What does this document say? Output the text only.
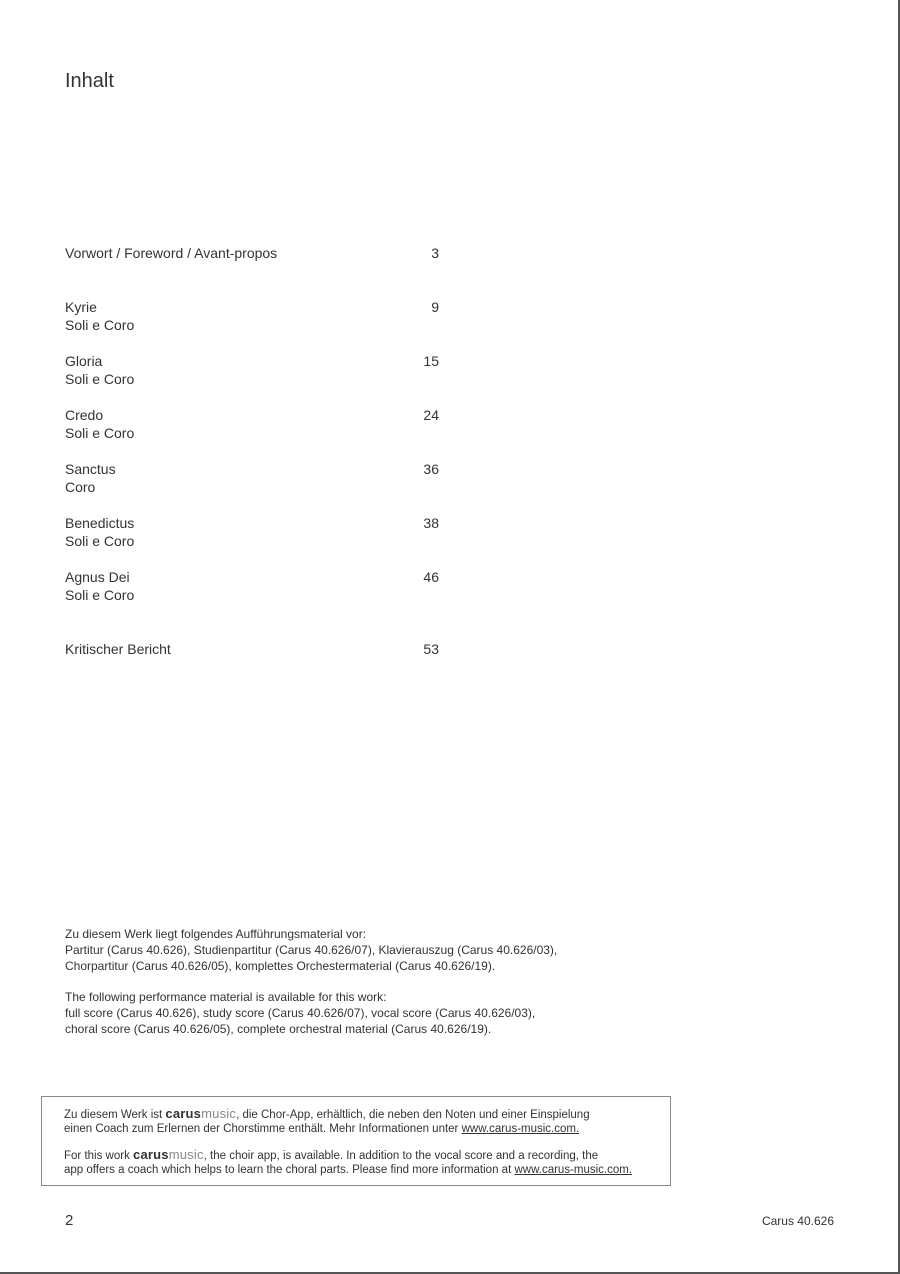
Inhalt
Vorwort / Foreword / Avant-propos	3
Kyrie	9
Soli e Coro
Gloria	15
Soli e Coro
Credo	24
Soli e Coro
Sanctus	36
Coro
Benedictus	38
Soli e Coro
Agnus Dei	46
Soli e Coro
Kritischer Bericht	53

Zu diesem Werk liegt folgendes Aufführungsmaterial vor:
Partitur (Carus 40.626), Studienpartitur (Carus 40.626/07), Klavierauszug (Carus 40.626/03),
Chorpartitur (Carus 40.626/05), komplettes Orchestermaterial (Carus 40.626/19).

The following performance material is available for this work:
full score (Carus 40.626), study score (Carus 40.626/07), vocal score (Carus 40.626/03),
choral score (Carus 40.626/05), complete orchestral material (Carus 40.626/19).

Zu diesem Werk ist carusmusic, die Chor-App, erhältlich, die neben den Noten und einer Einspielung
einen Coach zum Erlernen der Chorstimme enthält. Mehr Informationen unter www.carus-music.com.

For this work carusmusic, the choir app, is available. In addition to the vocal score and a recording, the
app offers a coach which helps to learn the choral parts. Please find more information at www.carus-music.com.

2	Carus 40.626
